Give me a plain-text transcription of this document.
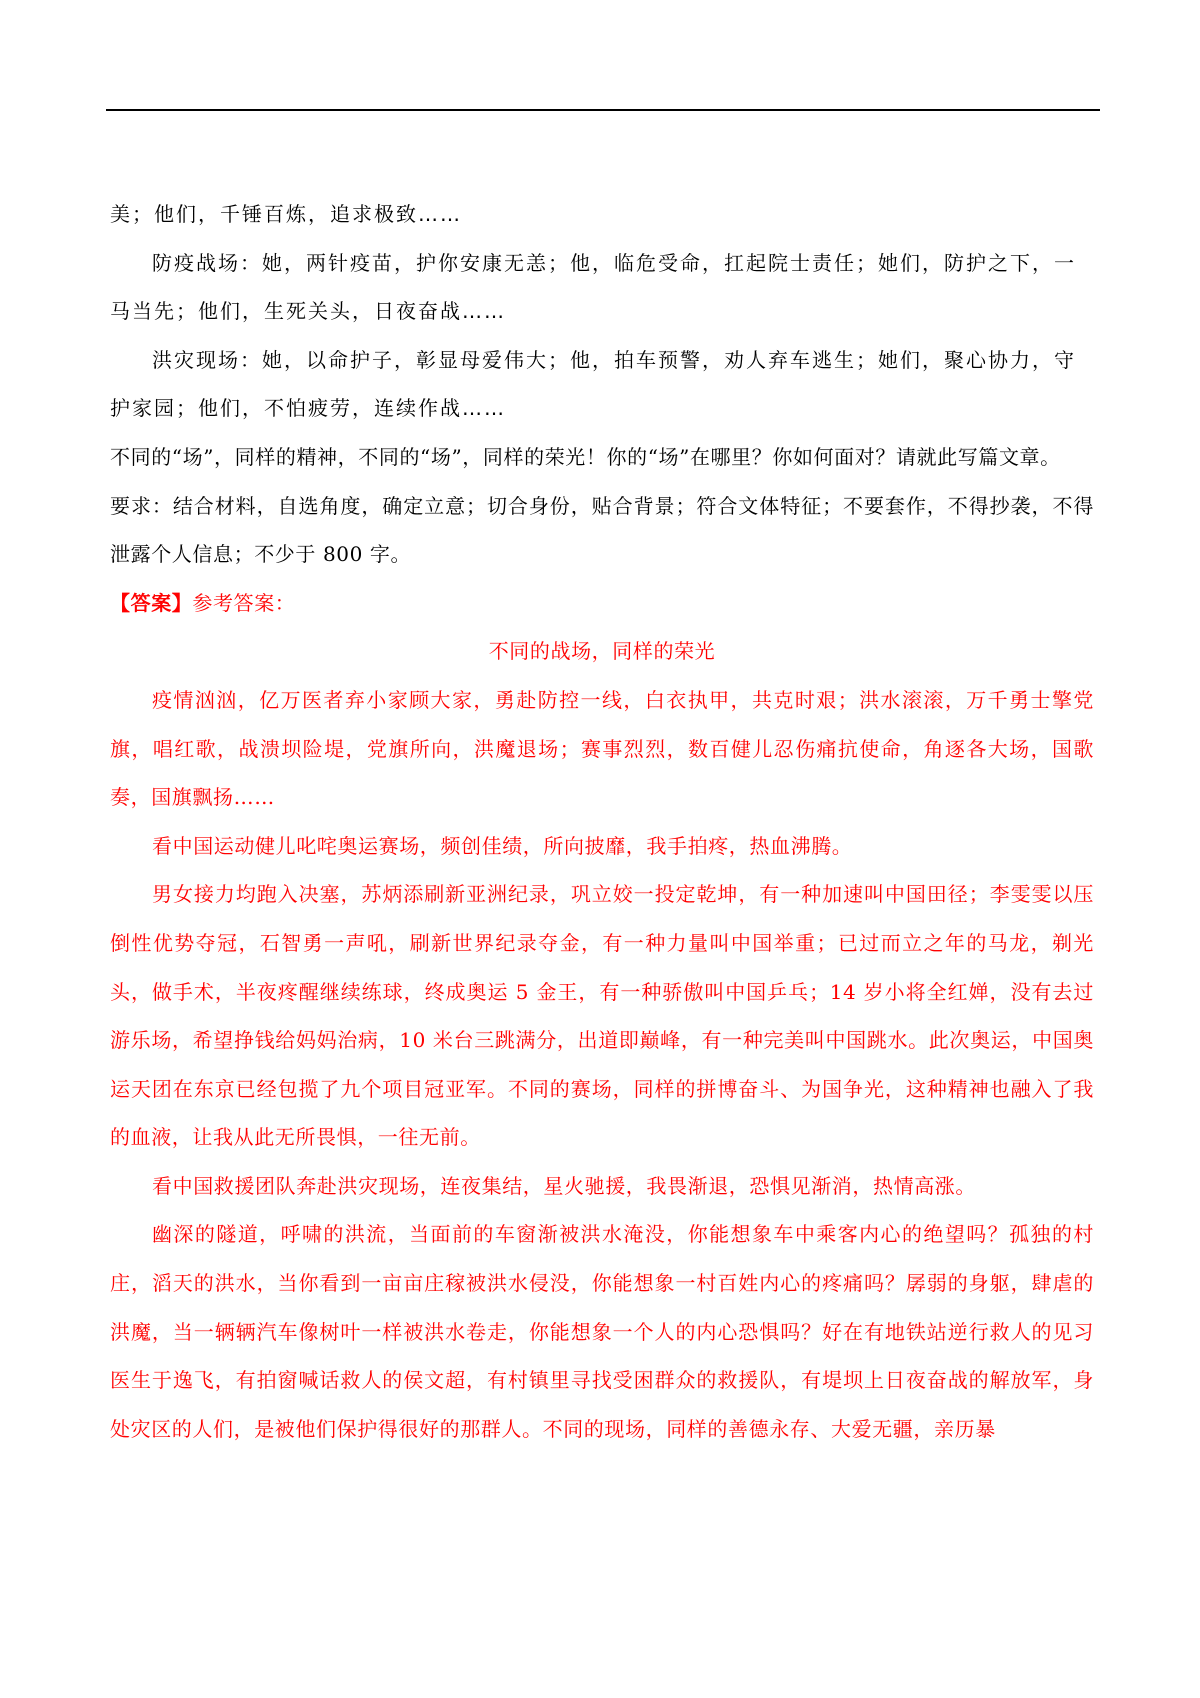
美；他们，千锤百炼，追求极致……

防疫战场：她，两针疫苗，护你安康无恙；他，临危受命，扛起院士责任；她们，防护之下，一马当先；他们，生死关头，日夜奋战……

洪灾现场：她，以命护子，彰显母爱伟大；他，拍车预警，劝人弃车逃生；她们，聚心协力，守护家园；他们，不怕疲劳，连续作战……

不同的“场”，同样的精神，不同的“场”，同样的荣光！你的“场”在哪里？你如何面对？请就此写篇文章。

要求：结合材料，自选角度，确定立意；切合身份，贴合背景；符合文体特征；不要套作，不得抄袭，不得泄露个人信息；不少于 800 字。

【答案】参考答案：

不同的战场，同样的荣光

疫情汹汹，亿万医者弃小家顾大家，勇赴防控一线，白衣执甲，共克时艰；洪水滚滚，万千勇士擎党旗，唱红歌，战溃坝险堤，党旗所向，洪魔退场；赛事烈烈，数百健儿忍伤痛抗使命，角逐各大场，国歌奏，国旗飘扬……

看中国运动健儿叱咤奥运赛场，频创佳绩，所向披靡，我手拍疼，热血沸腾。

男女接力均跑入决塞，苏炳添刷新亚洲纪录，巩立姣一投定乾坤，有一种加速叫中国田径；李雯雯以压倒性优势夺冠，石智勇一声吼，刷新世界纪录夺金，有一种力量叫中国举重；已过而立之年的马龙，剃光头，做手术，半夜疼醒继续练球，终成奥运 5 金王，有一种骄傲叫中国乒乓；14 岁小将全红婵，没有去过游乐场，希望挣钱给妈妈治病，10 米台三跳满分，出道即巅峰，有一种完美叫中国跳水。此次奥运，中国奥运天团在东京已经包揽了九个项目冠亚军。不同的赛场，同样的拼博奋斗、为国争光，这种精神也融入了我的血液，让我从此无所畏惧，一往无前。

看中国救援团队奔赴洪灾现场，连夜集结，星火驰援，我畏渐退，恐惧见渐消，热情高涨。

幽深的隧道，呼啸的洪流，当面前的车窗渐被洪水淹没，你能想象车中乘客内心的绝望吗？孤独的村庄，滔天的洪水，当你看到一亩亩庄稼被洪水侵没，你能想象一村百姓内心的疼痛吗？孱弱的身躯，肆虐的洪魔，当一辆辆汽车像树叶一样被洪水卷走，你能想象一个人的内心恐惧吗？好在有地铁站逆行救人的见习医生于逸飞，有拍窗喊话救人的侯文超，有村镇里寻找受困群众的救援队，有堤坝上日夜奋战的解放军，身处灾区的人们，是被他们保护得很好的那群人。不同的现场，同样的善德永存、大爱无疆，亲历暴
